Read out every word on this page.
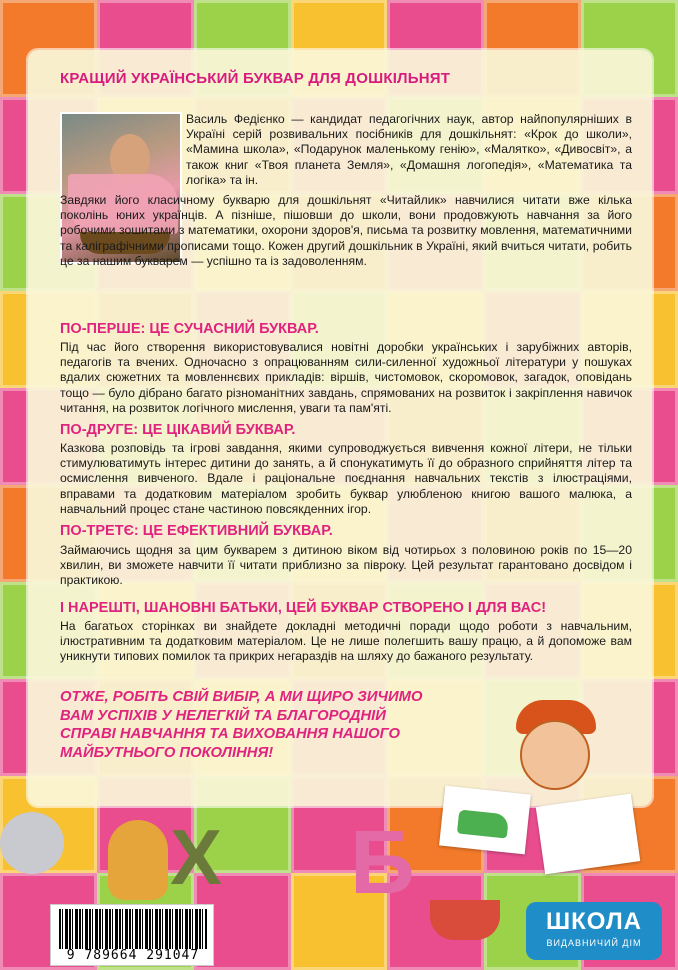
КРАЩИЙ УКРАЇНСЬКИЙ БУКВАР ДЛЯ ДОШКІЛЬНЯТ

Василь Федієнко — кандидат педагогічних наук, автор найпопулярніших в Україні серій розвивальних посібників для дошкільнят: «Крок до школи», «Мамина школа», «Подарунок маленькому генію», «Малятко», «Дивосвіт», а також книг «Твоя планета Земля», «Домашня логопедія», «Математика та логіка» та ін.

Завдяки його класичному букварю для дошкільнят «Читайлик» навчилися читати вже кілька поколінь юних українців. А пізніше, пішовши до школи, вони продовжують навчання за його робочими зошитами з математики, охорони здоров'я, письма та розвитку мовлення, математичними та каліграфічними прописами тощо. Кожен другий дошкільник в Україні, який вчиться читати, робить це за нашим букварем — успішно та із задоволенням.

ПО-ПЕРШЕ: ЦЕ СУЧАСНИЙ БУКВАР.

Під час його створення використовувалися новітні доробки українських і зарубіжних авторів, педагогів та вчених. Одночасно з опрацюванням сили-силенної художньої літератури у пошуках вдалих сюжетних та мовленнєвих прикладів: віршів, чистомовок, скоромовок, загадок, оповідань тощо — було дібрано багато різноманітних завдань, спрямованих на розвиток і закріплення навичок читання, на розвиток логічного мислення, уваги та пам'яті.

ПО-ДРУГЕ: ЦЕ ЦІКАВИЙ БУКВАР.

Казкова розповідь та ігрові завдання, якими супроводжується вивчення кожної літери, не тільки стимулюватимуть інтерес дитини до занять, а й спонукатимуть її до образного сприйняття літер та осмислення вивченого. Вдале і раціональне поєднання навчальних текстів з ілюстраціями, вправами та додатковим матеріалом зробить буквар улюбленою книгою вашого малюка, а навчальний процес стане частиною повсякденних ігор.

ПО-ТРЕТЄ: ЦЕ ЕФЕКТИВНИЙ БУКВАР.

Займаючись щодня за цим букварем з дитиною віком від чотирьох з половиною років по 15—20 хвилин, ви зможете навчити її читати приблизно за півроку. Цей результат гарантовано досвідом і практикою.

І НАРЕШТІ, ШАНОВНІ БАТЬКИ, ЦЕЙ БУКВАР СТВОРЕНО І ДЛЯ ВАС!

На багатьох сторінках ви знайдете докладні методичні поради щодо роботи з навчальним, ілюстративним та додатковим матеріалом. Це не лише полегшить вашу працю, а й допоможе вам уникнути типових помилок та прикрих негараздів на шляху до бажаного результату.

ОТЖЕ, РОБІТЬ СВІЙ ВИБІР, А МИ ЩИРО ЗИЧИМО ВАМ УСПІХІВ У НЕЛЕГКІЙ ТА БЛАГОРОДНІЙ СПРАВІ НАВЧАННЯ ТА ВИХОВАННЯ НАШОГО МАЙБУТНЬОГО ПОКОЛІННЯ!
Х Б
9 789664 291047
ШКОЛА
ВИДАВНИЧИЙ ДІМ
